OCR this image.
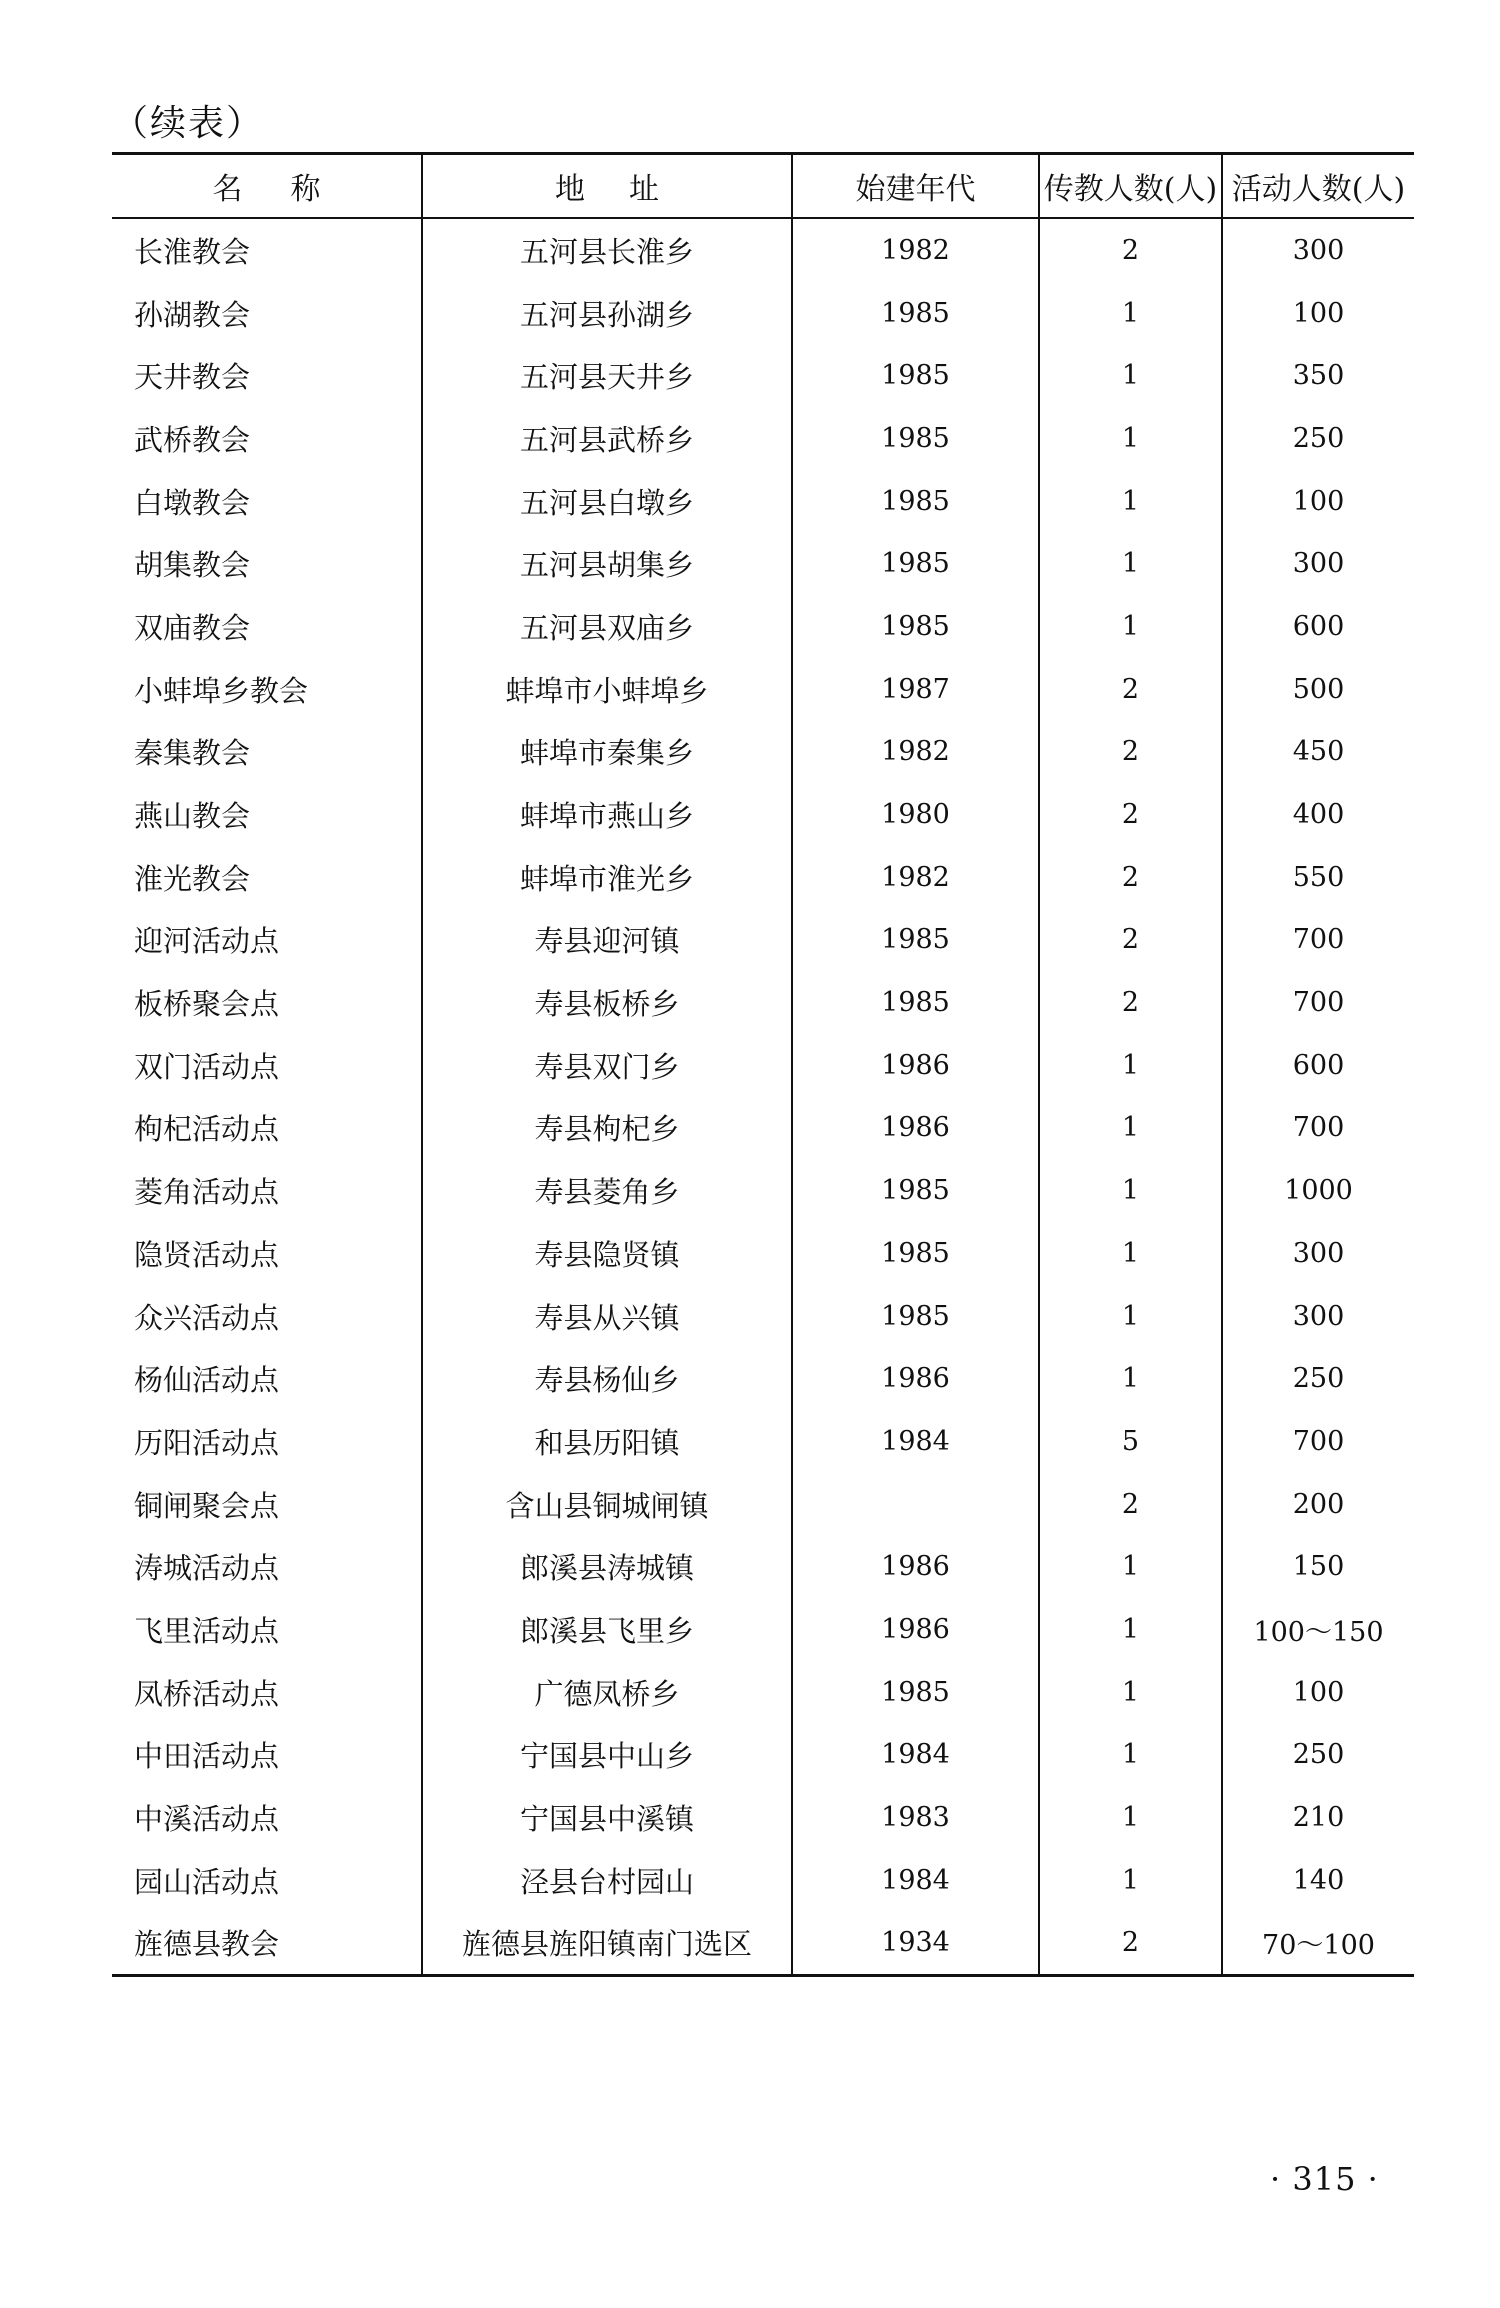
（续表）
名称	地址	始建年代	传教人数(人)	活动人数(人)
长淮教会	五河县长淮乡	1982	2	300
孙湖教会	五河县孙湖乡	1985	1	100
天井教会	五河县天井乡	1985	1	350
武桥教会	五河县武桥乡	1985	1	250
白墩教会	五河县白墩乡	1985	1	100
胡集教会	五河县胡集乡	1985	1	300
双庙教会	五河县双庙乡	1985	1	600
小蚌埠乡教会	蚌埠市小蚌埠乡	1987	2	500
秦集教会	蚌埠市秦集乡	1982	2	450
燕山教会	蚌埠市燕山乡	1980	2	400
淮光教会	蚌埠市淮光乡	1982	2	550
迎河活动点	寿县迎河镇	1985	2	700
板桥聚会点	寿县板桥乡	1985	2	700
双门活动点	寿县双门乡	1986	1	600
枸杞活动点	寿县枸杞乡	1986	1	700
菱角活动点	寿县菱角乡	1985	1	1000
隐贤活动点	寿县隐贤镇	1985	1	300
众兴活动点	寿县从兴镇	1985	1	300
杨仙活动点	寿县杨仙乡	1986	1	250
历阳活动点	和县历阳镇	1984	5	700
铜闸聚会点	含山县铜城闸镇		2	200
涛城活动点	郎溪县涛城镇	1986	1	150
飞里活动点	郎溪县飞里乡	1986	1	100～150
凤桥活动点	广德凤桥乡	1985	1	100
中田活动点	宁国县中山乡	1984	1	250
中溪活动点	宁国县中溪镇	1983	1	210
园山活动点	泾县台村园山	1984	1	140
旌德县教会	旌德县旌阳镇南门选区	1934	2	70～100
· 315 ·
